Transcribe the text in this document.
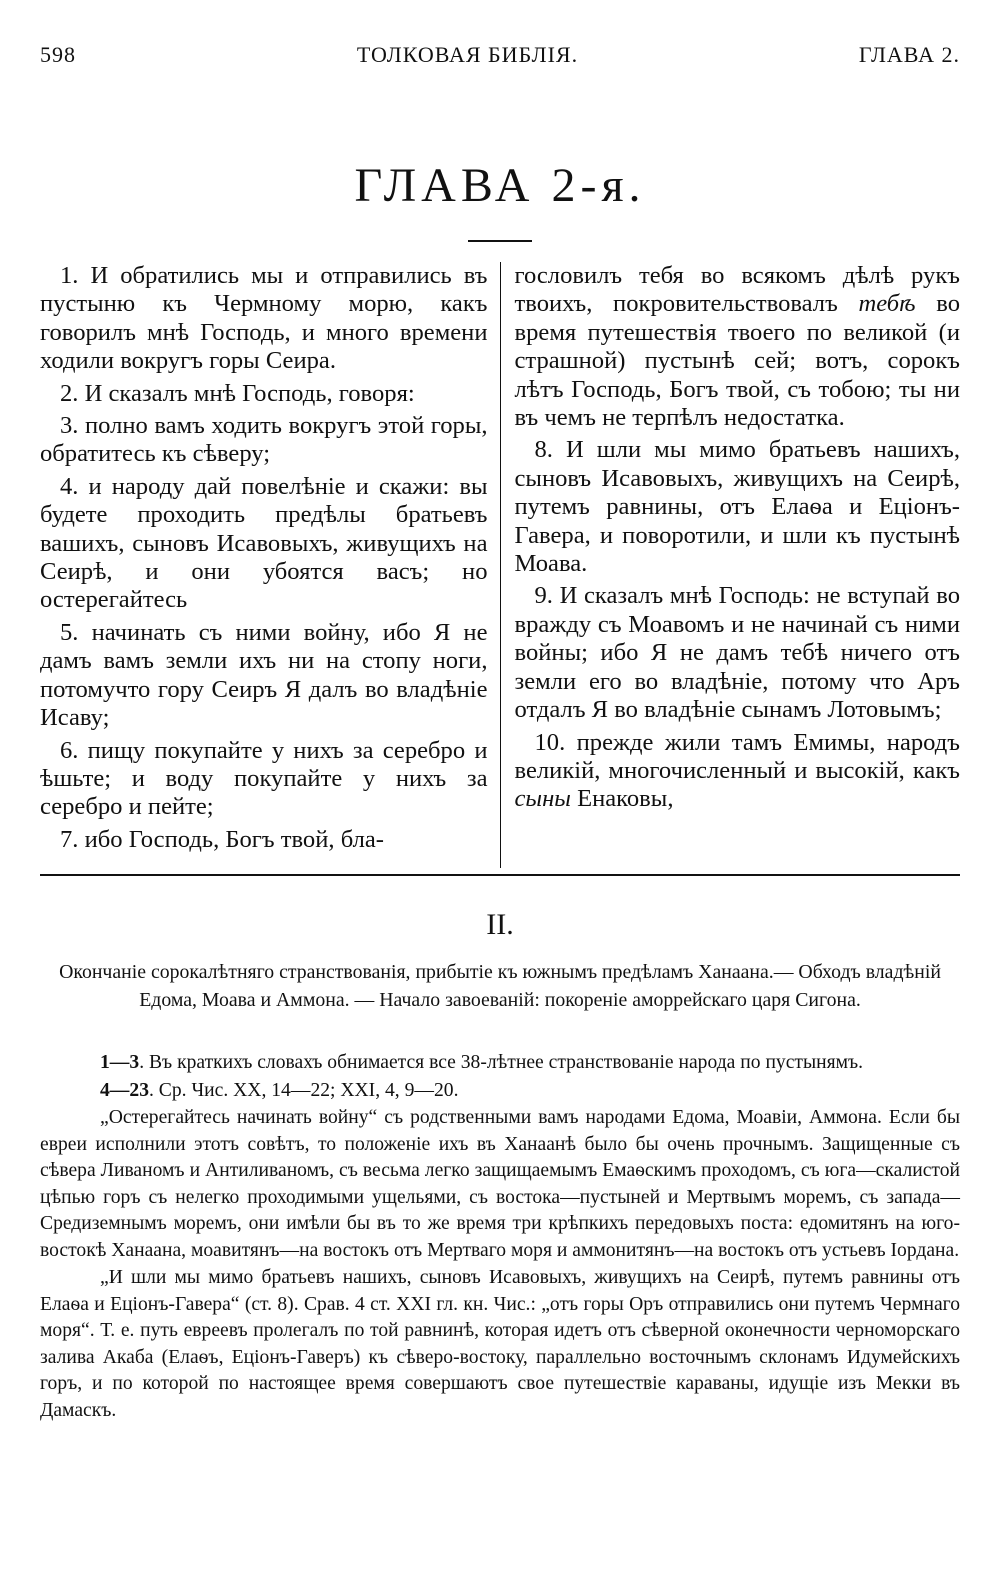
598	ТОЛКОВАЯ БИБЛІЯ.	ГЛАВА 2.
ГЛАВА 2-я.

1. И обратились мы и отправились въ пустыню къ Чермному морю, какъ говорилъ мнѣ Господь, и много времени ходили вокругъ горы Сеира.

2. И сказалъ мнѣ Господь, говоря:

3. полно вамъ ходить вокругъ этой горы, обратитесь къ сѣверу;

4. и народу дай повелѣніе и скажи: вы будете проходить предѣлы братьевъ вашихъ, сыновъ Исавовыхъ, живущихъ на Сеирѣ, и они убоятся васъ; но остерегайтесь

5. начинать съ ними войну, ибо Я не дамъ вамъ земли ихъ ни на стопу ноги, потомучто гору Сеиръ Я далъ во владѣніе Исаву;

6. пищу покупайте у нихъ за серебро и ѣшьте; и воду покупайте у нихъ за серебро и пейте;

7. ибо Господь, Богъ твой, бла-

гословилъ тебя во всякомъ дѣлѣ рукъ твоихъ, покровительствовалъ тебѣ во время путешествія твоего по великой (и страшной) пустынѣ сей; вотъ, сорокъ лѣтъ Господь, Богъ твой, съ тобою; ты ни въ чемъ не терпѣлъ недостатка.

8. И шли мы мимо братьевъ нашихъ, сыновъ Исавовыхъ, живущихъ на Сеирѣ, путемъ равнины, отъ Елаѳа и Еціонъ-Гавера, и поворотили, и шли къ пустынѣ Моава.

9. И сказалъ мнѣ Господь: не вступай во вражду съ Моавомъ и не начинай съ ними войны; ибо Я не дамъ тебѣ ничего отъ земли его во владѣніе, потому что Аръ отдалъ Я во владѣніе сынамъ Лотовымъ;

10. прежде жили тамъ Емимы, народъ великій, многочисленный и высокій, какъ сыны Енаковы,

II.
Окончаніе сорокалѣтняго странствованія, прибытіе къ южнымъ предѣламъ Ханаана.— Обходъ владѣній Едома, Моава и Аммона. — Начало завоеваній: покореніе аморрейскаго царя Сигона.

1—3. Въ краткихъ словахъ обнимается все 38-лѣтнее странствованіе народа по пустынямъ.

4—23. Ср. Чис. XX, 14—22; XXI, 4, 9—20.

„Остерегайтесь начинать войну“ съ родственными вамъ народами Едома, Моавіи, Аммона. Если бы евреи исполнили этотъ совѣтъ, то положеніе ихъ въ Ханаанѣ было бы очень прочнымъ. Защищенные съ сѣвера Ливаномъ и Антиливаномъ, съ весьма легко защищаемымъ Емаѳскимъ проходомъ, съ юга—скалистой цѣпью горъ съ нелегко проходимыми ущельями, съ востока—пустыней и Мертвымъ моремъ, съ запада—Средиземнымъ моремъ, они имѣли бы въ то же время три крѣпкихъ передовыхъ поста: едомитянъ на юго-востокѣ Ханаана, моавитянъ—на востокъ отъ Мертваго моря и аммонитянъ—на востокъ отъ устьевъ Іордана.

„И шли мы мимо братьевъ нашихъ, сыновъ Исавовыхъ, живущихъ на Сеирѣ, путемъ равнины отъ Елаѳа и Еціонъ-Гавера“ (ст. 8). Срав. 4 ст. XXI гл. кн. Чис.: „отъ горы Оръ отправились они путемъ Чермнаго моря“. Т. е. путь евреевъ пролегалъ по той равнинѣ, которая идетъ отъ сѣверной оконечности черноморскаго залива Акаба (Елаѳъ, Еціонъ-Гаверъ) къ сѣверо-востоку, параллельно восточнымъ склонамъ Идумейскихъ горъ, и по которой по настоящее время совершаютъ свое путешествіе караваны, идущіе изъ Мекки въ Дамаскъ.
